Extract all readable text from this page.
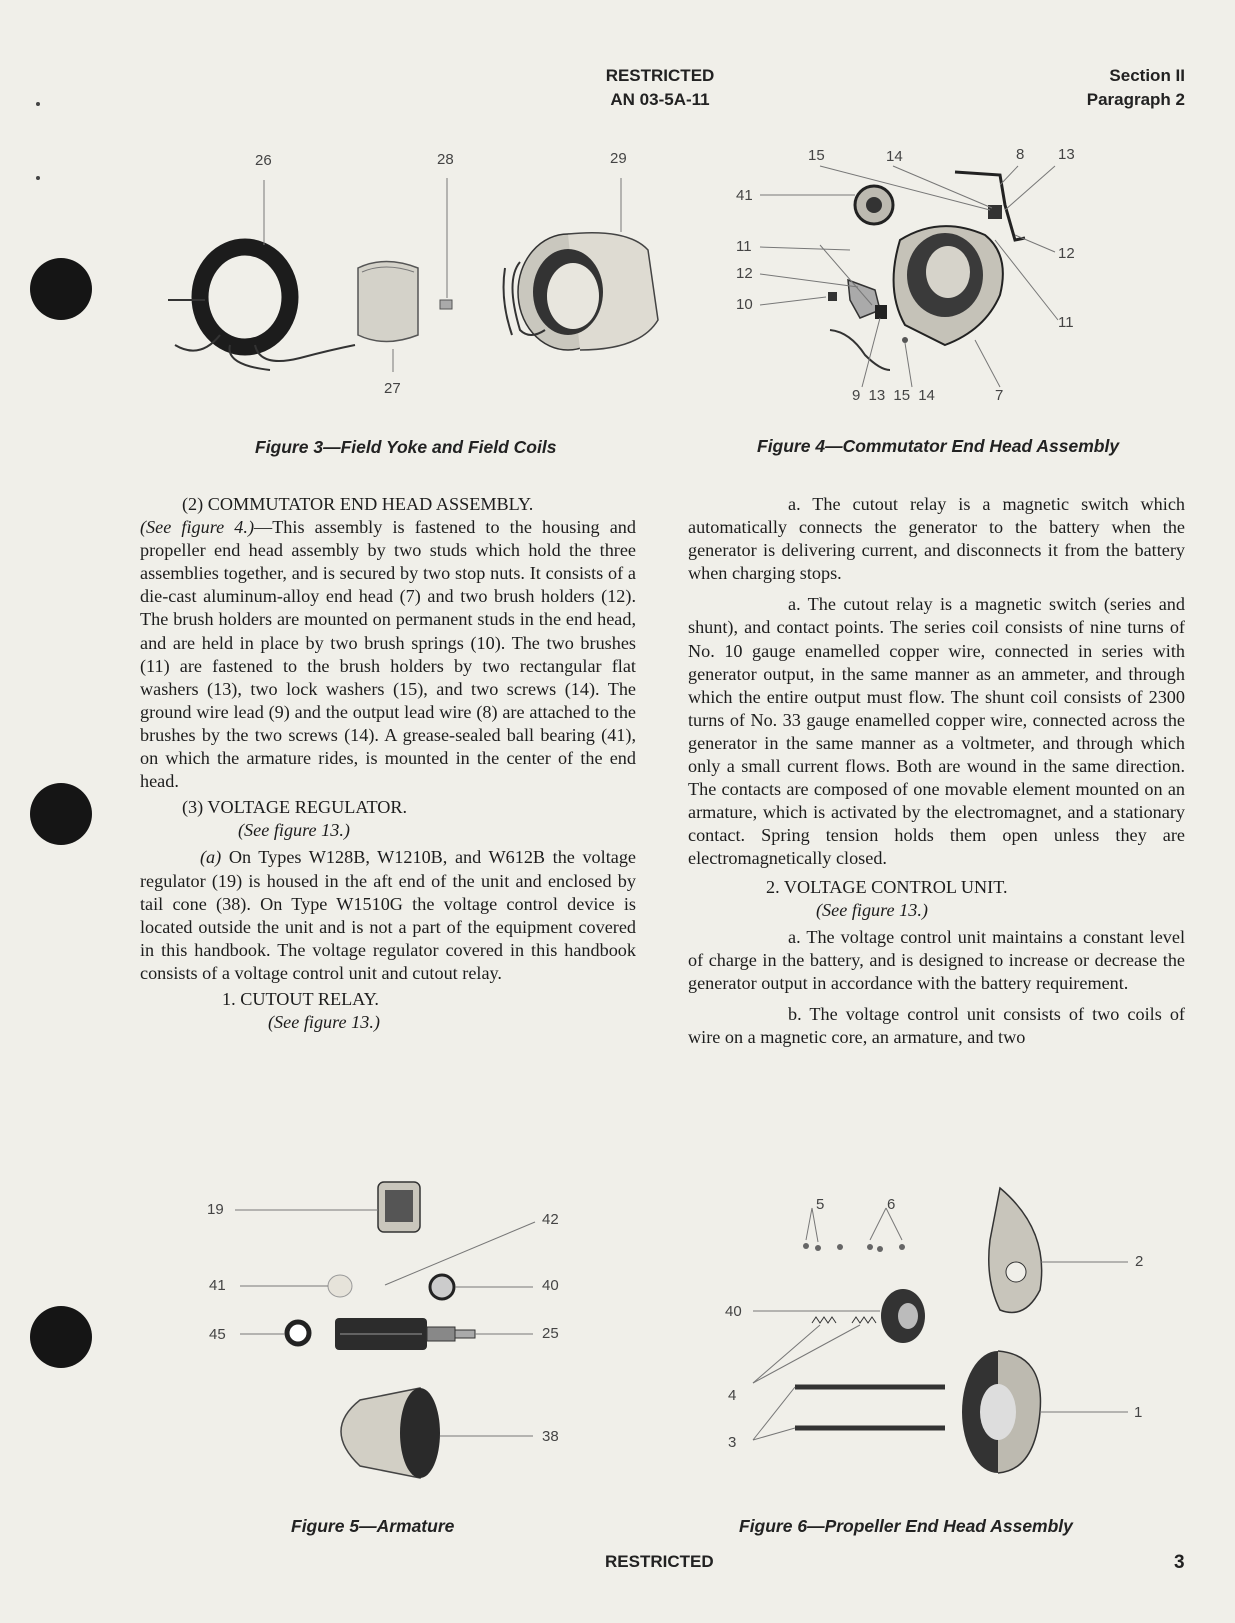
RESTRICTED
AN 03-5A-11
Section II
Paragraph 2
26	28	29
27
Figure 3—Field Yoke and Field Coils
15	14	8 13
41
11
12
10
12
11
9 13 15 14	7
Figure 4—Commutator End Head Assembly

(2) COMMUTATOR END HEAD ASSEMBLY.

(See figure 4.)—This assembly is fastened to the housing and propeller end head assembly by two studs which hold the three assemblies together, and is secured by two stop nuts. It consists of a die-cast aluminum-alloy end head (7) and two brush holders (12). The brush holders are mounted on permanent studs in the end head, and are held in place by two brush springs (10). The two brushes (11) are fastened to the brush holders by two rectangular flat washers (13), two lock washers (15), and two screws (14). The ground wire lead (9) and the output lead wire (8) are attached to the brushes by the two screws (14). A grease-sealed ball bearing (41), on which the armature rides, is mounted in the center of the end head.

(3) VOLTAGE REGULATOR.

(See figure 13.)

(a) On Types W128B, W1210B, and W612B the voltage regulator (19) is housed in the aft end of the unit and enclosed by tail cone (38). On Type W1510G the voltage control device is located outside the unit and is not a part of the equipment covered in this handbook. The voltage regulator covered in this handbook consists of a voltage control unit and cutout relay.

1. CUTOUT RELAY.

(See figure 13.)

a. The cutout relay is a magnetic switch which automatically connects the generator to the battery when the generator is delivering current, and disconnects it from the battery when charging stops.

a. The cutout relay is a magnetic switch (series and shunt), and contact points. The series coil consists of nine turns of No. 10 gauge enamelled copper wire, connected in series with generator output, in the same manner as an ammeter, and through which the entire output must flow. The shunt coil consists of 2300 turns of No. 33 gauge enamelled copper wire, connected across the generator in the same manner as a voltmeter, and through which only a small current flows. Both are wound in the same direction. The contacts are composed of one movable element mounted on an armature, which is activated by the electromagnet, and a stationary contact. Spring tension holds them open unless they are electromagnetically closed.

2. VOLTAGE CONTROL UNIT.

(See figure 13.)

a. The voltage control unit maintains a constant level of charge in the battery, and is designed to increase or decrease the generator output in accordance with the battery requirement.

b. The voltage control unit consists of two coils of wire on a magnetic core, an armature, and two

19
42
41	40
45	25
38
Figure 5—Armature
5	6
2
40
4
3
1
Figure 6—Propeller End Head Assembly
RESTRICTED	3
